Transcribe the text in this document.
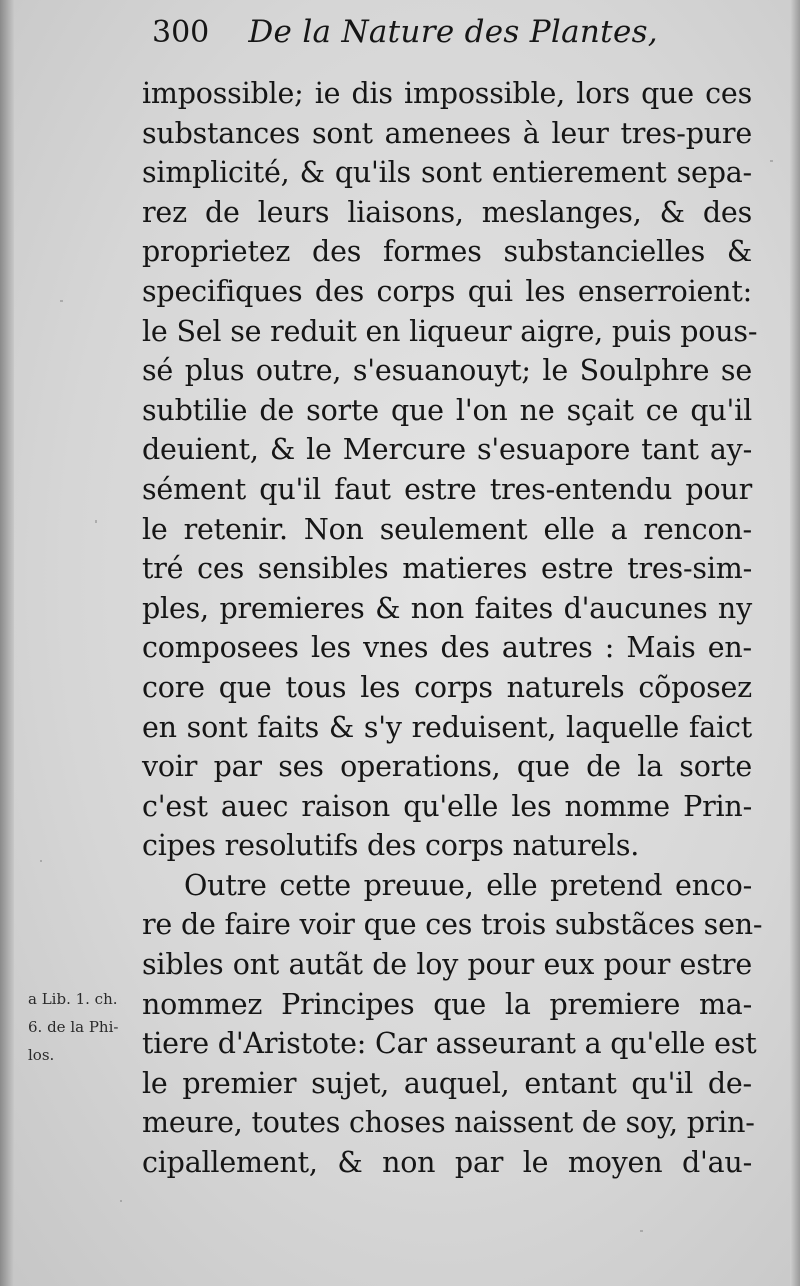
300 De la Nature des Plantes,
impossible; ie dis impossible, lors que ces
substances sont amenees à leur tres-pure
simplicité, & qu'ils sont entierement sepa-
rez de leurs liaisons, meslanges, & des
proprietez des formes substancielles &
specifiques des corps qui les enserroient:
le Sel se reduit en liqueur aigre, puis pous-
sé plus outre, s'esuanouyt; le Soulphre se
subtilie de sorte que l'on ne sçait ce qu'il
deuient, & le Mercure s'esuapore tant ay-
sément qu'il faut estre tres-entendu pour
le retenir. Non seulement elle a rencon-
tré ces sensibles matieres estre tres-sim-
ples, premieres & non faites d'aucunes ny
composees les vnes des autres : Mais en-
core que tous les corps naturels cõposez
en sont faits & s'y reduisent, laquelle faict
voir par ses operations, que de la sorte
c'est auec raison qu'elle les nomme Prin-
cipes resolutifs des corps naturels.
Outre cette preuue, elle pretend enco-
re de faire voir que ces trois substãces sen-
sibles ont autãt de loy pour eux pour estre
nommez Principes que la premiere ma-
tiere d'Aristote: Car asseurant a qu'elle est
le premier sujet, auquel, entant qu'il de-
meure, toutes choses naissent de soy, prin-
cipallement, & non par le moyen d'au-
a Lib. 1. ch.
6. de la Phi-
los.
